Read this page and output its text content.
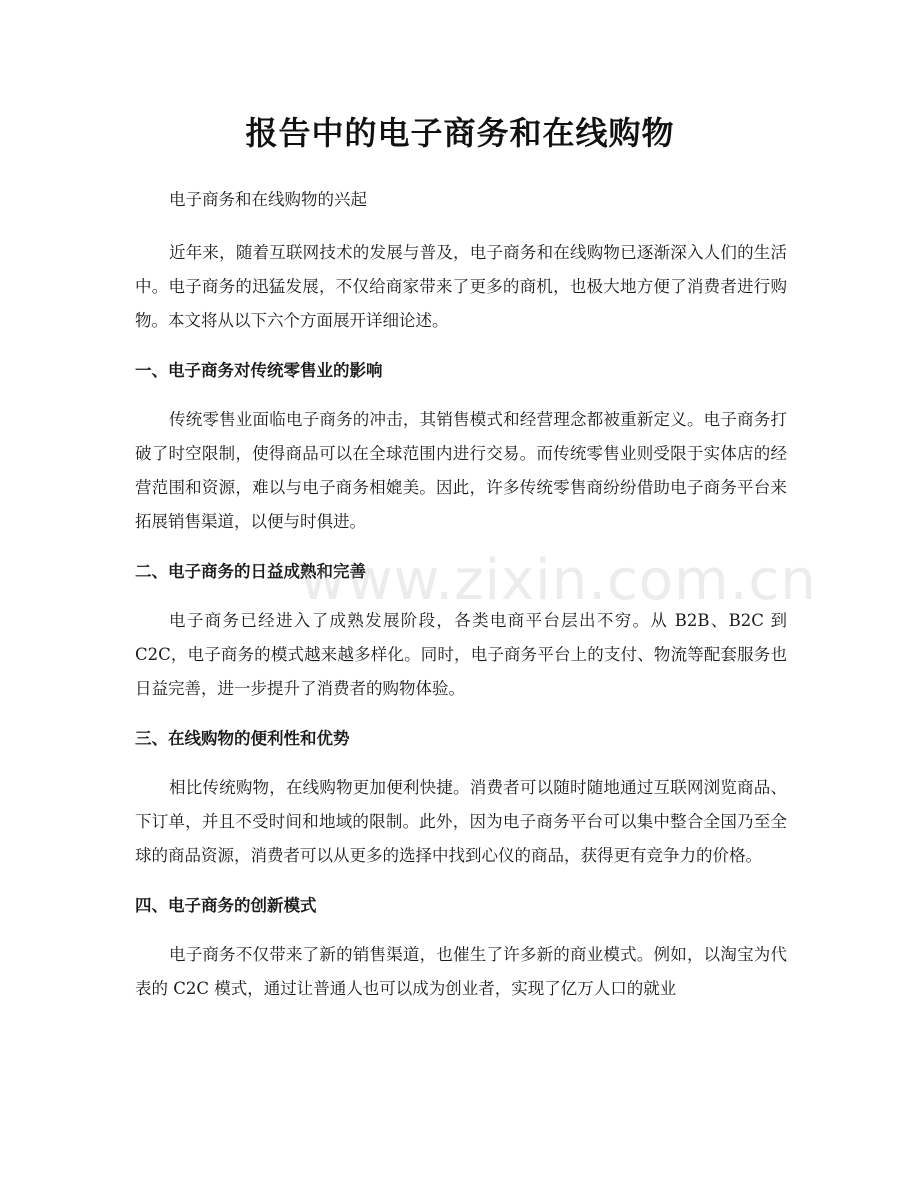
报告中的电子商务和在线购物
电子商务和在线购物的兴起

近年来，随着互联网技术的发展与普及，电子商务和在线购物已逐渐深入人们的生活中。电子商务的迅猛发展，不仅给商家带来了更多的商机，也极大地方便了消费者进行购物。本文将从以下六个方面展开详细论述。

一、电子商务对传统零售业的影响

传统零售业面临电子商务的冲击，其销售模式和经营理念都被重新定义。电子商务打破了时空限制，使得商品可以在全球范围内进行交易。而传统零售业则受限于实体店的经营范围和资源，难以与电子商务相媲美。因此，许多传统零售商纷纷借助电子商务平台来拓展销售渠道，以便与时俱进。

二、电子商务的日益成熟和完善

电子商务已经进入了成熟发展阶段，各类电商平台层出不穷。从 B2B、B2C 到 C2C，电子商务的模式越来越多样化。同时，电子商务平台上的支付、物流等配套服务也日益完善，进一步提升了消费者的购物体验。

三、在线购物的便利性和优势

相比传统购物，在线购物更加便利快捷。消费者可以随时随地通过互联网浏览商品、下订单，并且不受时间和地域的限制。此外，因为电子商务平台可以集中整合全国乃至全球的商品资源，消费者可以从更多的选择中找到心仪的商品，获得更有竞争力的价格。

四、电子商务的创新模式

电子商务不仅带来了新的销售渠道，也催生了许多新的商业模式。例如，以淘宝为代表的 C2C 模式，通过让普通人也可以成为创业者，实现了亿万人口的就业

www.zixin.com.cn
